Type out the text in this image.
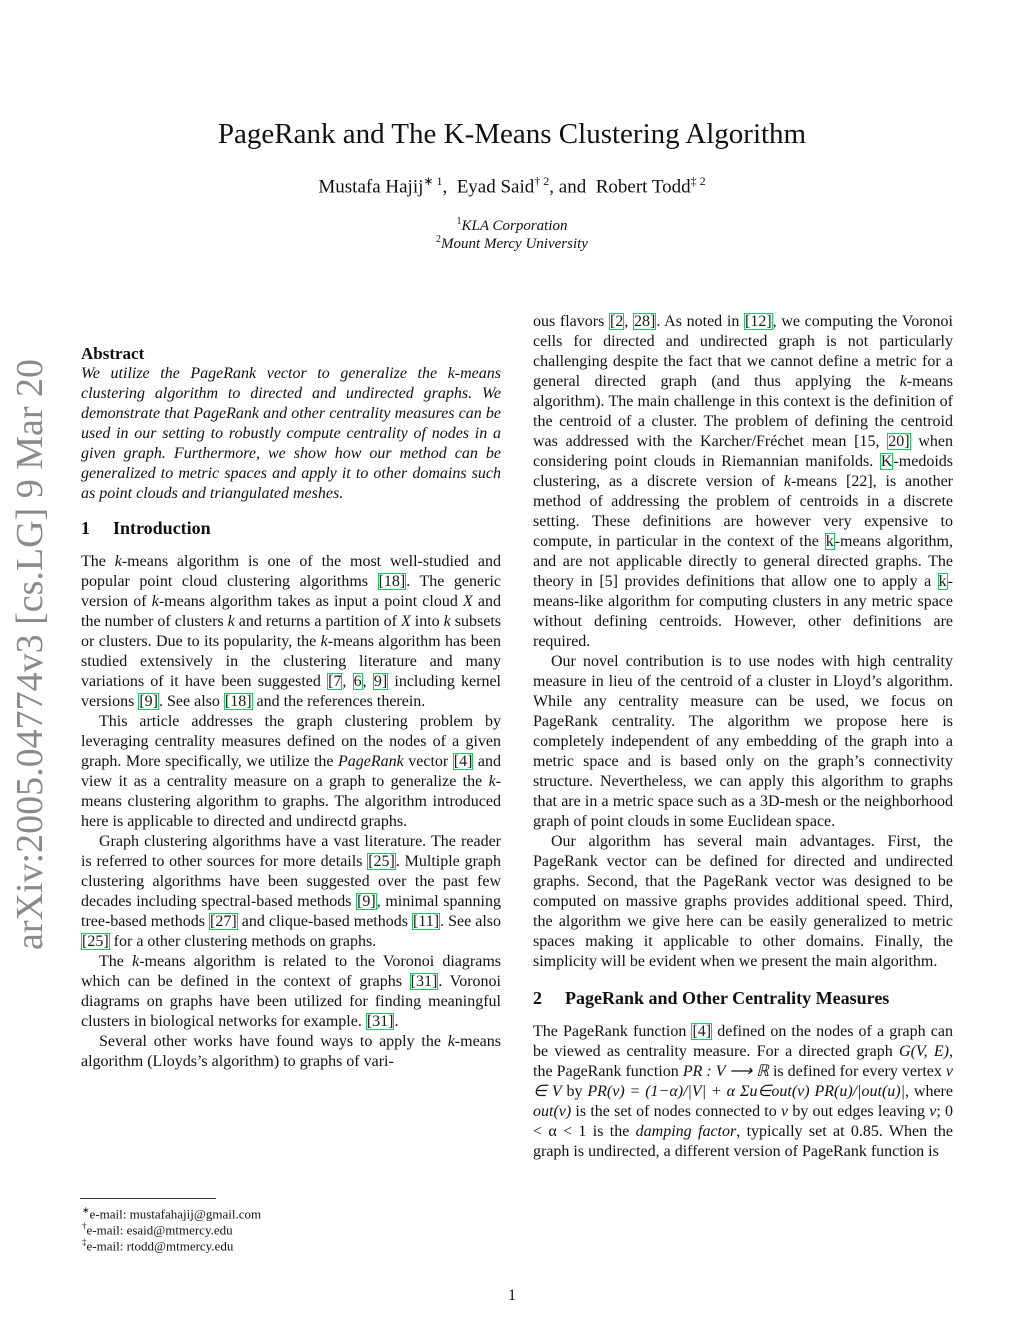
arXiv:2005.04774v3 [cs.LG] 9 Mar 2021
PageRank and The K-Means Clustering Algorithm
Mustafa Hajij$^{∗ 1}$,  Eyad Said$^{\dagger 2}$, and Robert Todd$^{\ddagger 2}$
$^1$KLA Corporation
$^2$Mount Mercy University

Abstract

We utilize the PageRank vector to generalize the k-means clustering algorithm to directed and undirected graphs. We demonstrate that PageRank and other centrality measures can be used in our setting to robustly compute centrality of nodes in a given graph. Furthermore, we show how our method can be generalized to metric spaces and apply it to other domains such as point clouds and triangulated meshes.

1 Introduction

The k-means algorithm is one of the most well-studied and popular point cloud clustering algorithms [18]. The generic version of k-means algorithm takes as input a point cloud X and the number of clusters k and returns a partition of X into k subsets or clusters. Due to its popularity, the k-means algorithm has been studied extensively in the clustering literature and many variations of it have been suggested [7, 6, 9] including kernel versions [9]. See also [18] and the references therein.

This article addresses the graph clustering problem by leveraging centrality measures defined on the nodes of a given graph. More specifically, we utilize the PageRank vector [4] and view it as a centrality measure on a graph to generalize the k-means clustering algorithm to graphs. The algorithm introduced here is applicable to directed and undirectd graphs.

Graph clustering algorithms have a vast literature. The reader is referred to other sources for more details [25]. Multiple graph clustering algorithms have been suggested over the past few decades including spectral-based methods [9], minimal spanning tree-based methods [27] and clique-based methods [11]. See also [25] for a other clustering methods on graphs.

The k-means algorithm is related to the Voronoi diagrams which can be defined in the context of graphs [31]. Voronoi diagrams on graphs have been utilized for finding meaningful clusters in biological networks for example. [31].

Several other works have found ways to apply the k-means algorithm (Lloyds’s algorithm) to graphs of vari-

ous flavors [2, 28]. As noted in [12], we computing the Voronoi cells for directed and undirected graph is not particularly challenging despite the fact that we cannot define a metric for a general directed graph (and thus applying the k-means algorithm). The main challenge in this context is the definition of the centroid of a cluster. The problem of defining the centroid was addressed with the Karcher/Fréchet mean [15, 20] when considering point clouds in Riemannian manifolds. K-medoids clustering, as a discrete version of k-means [22], is another method of addressing the problem of centroids in a discrete setting. These definitions are however very expensive to compute, in particular in the context of the k-means algorithm, and are not applicable directly to general directed graphs. The theory in [5] provides definitions that allow one to apply a k-means-like algorithm for computing clusters in any metric space without defining centroids. However, other definitions are required.

Our novel contribution is to use nodes with high centrality measure in lieu of the centroid of a cluster in Lloyd’s algorithm. While any centrality measure can be used, we focus on PageRank centrality. The algorithm we propose here is completely independent of any embedding of the graph into a metric space and is based only on the graph’s connectivity structure. Nevertheless, we can apply this algorithm to graphs that are in a metric space such as a 3D-mesh or the neighborhood graph of point clouds in some Euclidean space.

Our algorithm has several main advantages. First, the PageRank vector can be defined for directed and undirected graphs. Second, that the PageRank vector was designed to be computed on massive graphs provides additional speed. Third, the algorithm we give here can be easily generalized to metric spaces making it applicable to other domains. Finally, the simplicity will be evident when we present the main algorithm.

2 PageRank and Other Centrality Measures

The PageRank function [4] defined on the nodes of a graph can be viewed as centrality measure. For a directed graph G(V, E), the PageRank function PR : V ⟶ ℝ is defined for every vertex v ∈ V by PR(v) = (1−α)/|V| + α Σu∈out(v) PR(u)/|out(u)|, where out(v) is the set of nodes connected to v by out edges leaving v; 0 < α < 1 is the damping factor, typically set at 0.85. When the graph is undirected, a different version of PageRank function is

∗e-mail: mustafahajij@gmail.com
†e-mail: esaid@mtmercy.edu
‡e-mail: rtodd@mtmercy.edu
1
